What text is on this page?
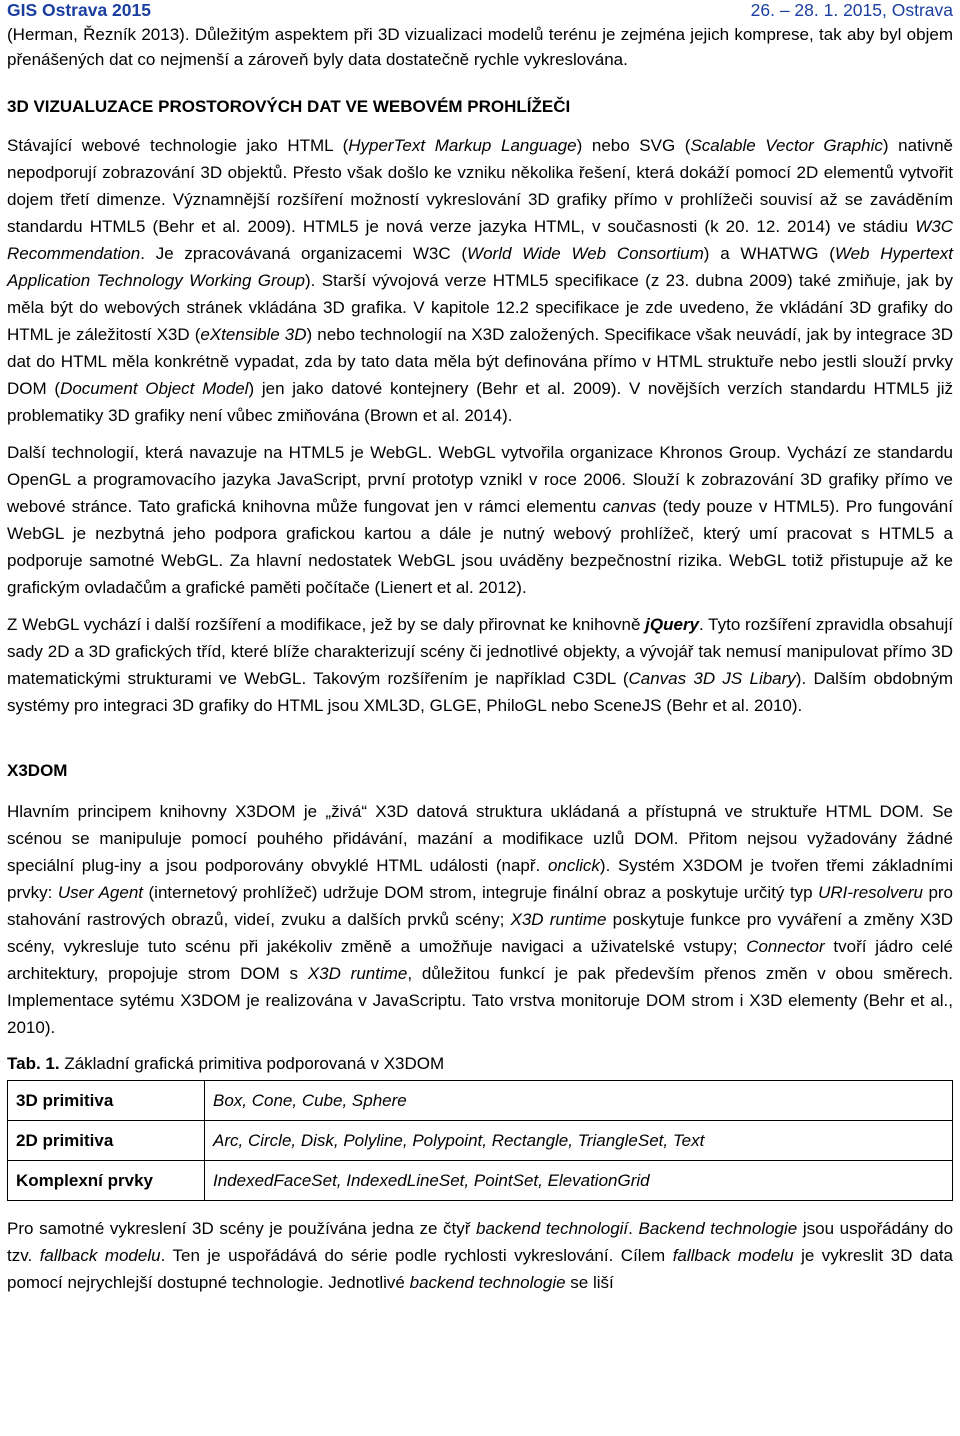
GIS Ostrava 2015	26. – 28. 1. 2015, Ostrava

(Herman, Řezník 2013). Důležitým aspektem při 3D vizualizaci modelů terénu je zejména jejich komprese, tak aby byl objem přenášených dat co nejmenší a zároveň byly data dostatečně rychle vykreslována.

3D VIZUALUZACE PROSTOROVÝCH DAT VE WEBOVÉM PROHLÍŽEČI

Stávající webové technologie jako HTML (HyperText Markup Language) nebo SVG (Scalable Vector Graphic) nativně nepodporují zobrazování 3D objektů. Přesto však došlo ke vzniku několika řešení, která dokáží pomocí 2D elementů vytvořit dojem třetí dimenze. Významnější rozšíření možností vykreslování 3D grafiky přímo v prohlížeči souvisí až se zaváděním standardu HTML5 (Behr et al. 2009). HTML5 je nová verze jazyka HTML, v současnosti (k 20. 12. 2014) ve stádiu W3C Recommendation. Je zpracovávaná organizacemi W3C (World Wide Web Consortium) a WHATWG (Web Hypertext Application Technology Working Group). Starší vývojová verze HTML5 specifikace (z 23. dubna 2009) také zmiňuje, jak by měla být do webových stránek vkládána 3D grafika. V kapitole 12.2 specifikace je zde uvedeno, že vkládání 3D grafiky do HTML je záležitostí X3D (eXtensible 3D) nebo technologií na X3D založených. Specifikace však neuvádí, jak by integrace 3D dat do HTML měla konkrétně vypadat, zda by tato data měla být definována přímo v HTML struktuře nebo jestli slouží prvky DOM (Document Object Model) jen jako datové kontejnery (Behr et al. 2009). V novějších verzích standardu HTML5 již problematiky 3D grafiky není vůbec zmiňována (Brown et al. 2014).

Další technologií, která navazuje na HTML5 je WebGL. WebGL vytvořila organizace Khronos Group. Vychází ze standardu OpenGL a programovacího jazyka JavaScript, první prototyp vznikl v roce 2006. Slouží k zobrazování 3D grafiky přímo ve webové stránce. Tato grafická knihovna může fungovat jen v rámci elementu canvas (tedy pouze v HTML5). Pro fungování WebGL je nezbytná jeho podpora grafickou kartou a dále je nutný webový prohlížeč, který umí pracovat s HTML5 a podporuje samotné WebGL. Za hlavní nedostatek WebGL jsou uváděny bezpečnostní rizika. WebGL totiž přistupuje až ke grafickým ovladačům a grafické paměti počítače (Lienert et al. 2012).

Z WebGL vychází i další rozšíření a modifikace, jež by se daly přirovnat ke knihovně jQuery. Tyto rozšíření zpravidla obsahují sady 2D a 3D grafických tříd, které blíže charakterizují scény či jednotlivé objekty, a vývojář tak nemusí manipulovat přímo 3D matematickými strukturami ve WebGL. Takovým rozšířením je například C3DL (Canvas 3D JS Libary). Dalším obdobným systémy pro integraci 3D grafiky do HTML jsou XML3D, GLGE, PhiloGL nebo SceneJS (Behr et al. 2010).

X3DOM

Hlavním principem knihovny X3DOM je „živá“ X3D datová struktura ukládaná a přístupná ve struktuře HTML DOM. Se scénou se manipuluje pomocí pouhého přidávání, mazání a modifikace uzlů DOM. Přitom nejsou vyžadovány žádné speciální plug-iny a jsou podporovány obvyklé HTML události (např. onclick). Systém X3DOM je tvořen třemi základními prvky: User Agent (internetový prohlížeč) udržuje DOM strom, integruje finální obraz a poskytuje určitý typ URI-resolveru pro stahování rastrových obrazů, videí, zvuku a dalších prvků scény; X3D runtime poskytuje funkce pro vyváření a změny X3D scény, vykresluje tuto scénu při jakékoliv změně a umožňuje navigaci a uživatelské vstupy; Connector tvoří jádro celé architektury, propojuje strom DOM s X3D runtime, důležitou funkcí je pak především přenos změn v obou směrech. Implementace sytému X3DOM je realizována v JavaScriptu. Tato vrstva monitoruje DOM strom i X3D elementy (Behr et al., 2010).

Tab. 1. Základní grafická primitiva podporovaná v X3DOM
3D primitiva	Box, Cone, Cube, Sphere
2D primitiva	Arc, Circle, Disk, Polyline, Polypoint, Rectangle, TriangleSet, Text
Komplexní prvky	IndexedFaceSet, IndexedLineSet, PointSet, ElevationGrid

Pro samotné vykreslení 3D scény je používána jedna ze čtyř backend technologií. Backend technologie jsou uspořádány do tzv. fallback modelu. Ten je uspořádává do série podle rychlosti vykreslování. Cílem fallback modelu je vykreslit 3D data pomocí nejrychlejší dostupné technologie. Jednotlivé backend technologie se liší
